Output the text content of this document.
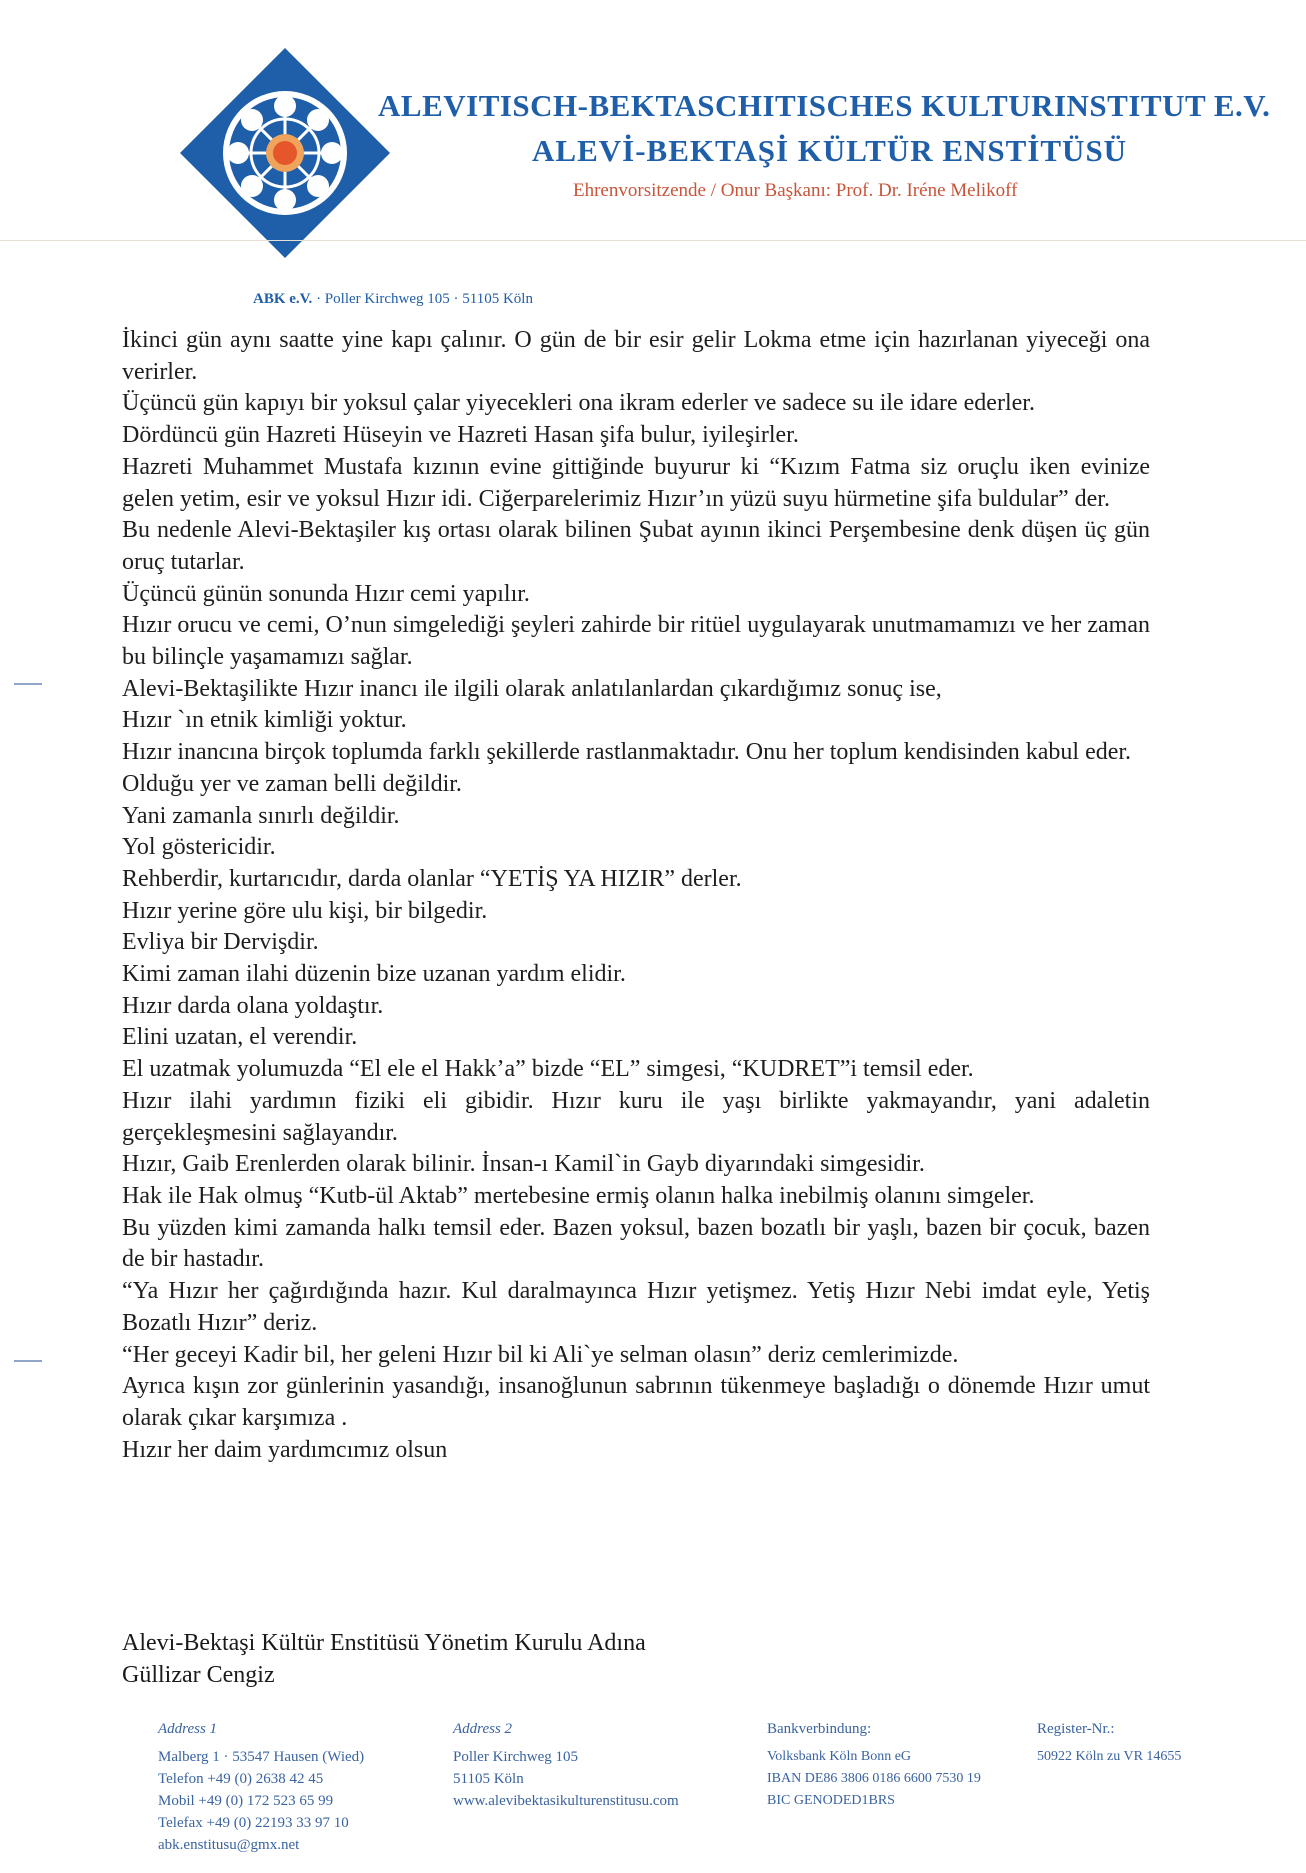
ALEVITISCH-BEKTASCHITISCHES KULTURINSTITUT E.V.
ALEVİ-BEKTAŞİ KÜLTÜR ENSTİTÜSÜ
Ehrenvorsitzende / Onur Başkanı: Prof. Dr. Iréne Melikoff
ABK e.V. · Poller Kirchweg 105 · 51105 Köln

İkinci gün aynı saatte yine kapı çalınır. O gün de bir esir gelir Lokma etme için hazırlanan yiyeceği ona verirler.

Üçüncü gün kapıyı bir yoksul çalar yiyecekleri ona ikram ederler ve sadece su ile idare ederler.

Dördüncü gün Hazreti Hüseyin ve Hazreti Hasan şifa bulur, iyileşirler.

Hazreti Muhammet Mustafa kızının evine gittiğinde buyurur ki “Kızım Fatma siz oruçlu iken evinize gelen yetim, esir ve yoksul Hızır idi. Ciğerparelerimiz Hızır’ın yüzü suyu hürmetine şifa buldular” der.

Bu nedenle Alevi-Bektaşiler kış ortası olarak bilinen Şubat ayının ikinci Perşembesine denk düşen üç gün oruç tutarlar.

Üçüncü günün sonunda Hızır cemi yapılır.

Hızır orucu ve cemi, O’nun simgelediği şeyleri zahirde bir ritüel uygulayarak unutmamamızı ve her zaman bu bilinçle yaşamamızı sağlar.

Alevi-Bektaşilikte Hızır inancı ile ilgili olarak anlatılanlardan çıkardığımız sonuç ise,

Hızır `ın etnik kimliği yoktur.

Hızır inancına birçok toplumda farklı şekillerde rastlanmaktadır. Onu her toplum kendisinden kabul eder.

Olduğu yer ve zaman belli değildir.

Yani zamanla sınırlı değildir.

Yol göstericidir.

Rehberdir, kurtarıcıdır, darda olanlar “YETİŞ YA HIZIR” derler.

Hızır yerine göre ulu kişi, bir bilgedir.

Evliya bir Dervişdir.

Kimi zaman ilahi düzenin bize uzanan yardım elidir.

Hızır darda olana yoldaştır.

Elini uzatan, el verendir.

El uzatmak yolumuzda “El ele el Hakk’a” bizde “EL” simgesi, “KUDRET”i temsil eder.

Hızır ilahi yardımın fiziki eli gibidir. Hızır kuru ile yaşı birlikte yakmayandır, yani adaletin gerçekleşmesini sağlayandır.

Hızır, Gaib Erenlerden olarak bilinir. İnsan-ı Kamil`in Gayb diyarındaki simgesidir.

Hak ile Hak olmuş “Kutb-ül Aktab” mertebesine ermiş olanın halka inebilmiş olanını simgeler.

Bu yüzden kimi zamanda halkı temsil eder. Bazen yoksul, bazen bozatlı bir yaşlı, bazen bir çocuk, bazen de bir hastadır.

“Ya Hızır her çağırdığında hazır. Kul daralmayınca Hızır yetişmez. Yetiş Hızır Nebi imdat eyle, Yetiş Bozatlı Hızır” deriz.

“Her geceyi Kadir bil, her geleni Hızır bil ki Ali`ye selman olasın” deriz cemlerimizde.

Ayrıca kışın zor günlerinin yasandığı, insanoğlunun sabrının tükenmeye başladığı o dönemde Hızır umut olarak çıkar karşımıza .

Hızır her daim yardımcımız olsun

Alevi-Bektaşi Kültür Enstitüsü Yönetim Kurulu Adına

Güllizar Cengiz

Address 1
Malberg 1 · 53547 Hausen (Wied)
Telefon +49 (0) 2638 42 45
Mobil +49 (0) 172 523 65 99
Telefax +49 (0) 22193 33 97 10
abk.enstitusu@gmx.net
Address 2
Poller Kirchweg 105
51105 Köln
www.alevibektasikulturenstitusu.com
Bankverbindung:
Volksbank Köln Bonn eG
IBAN DE86 3806 0186 6600 7530 19
BIC GENODED1BRS
Register-Nr.:
50922 Köln zu VR 14655
